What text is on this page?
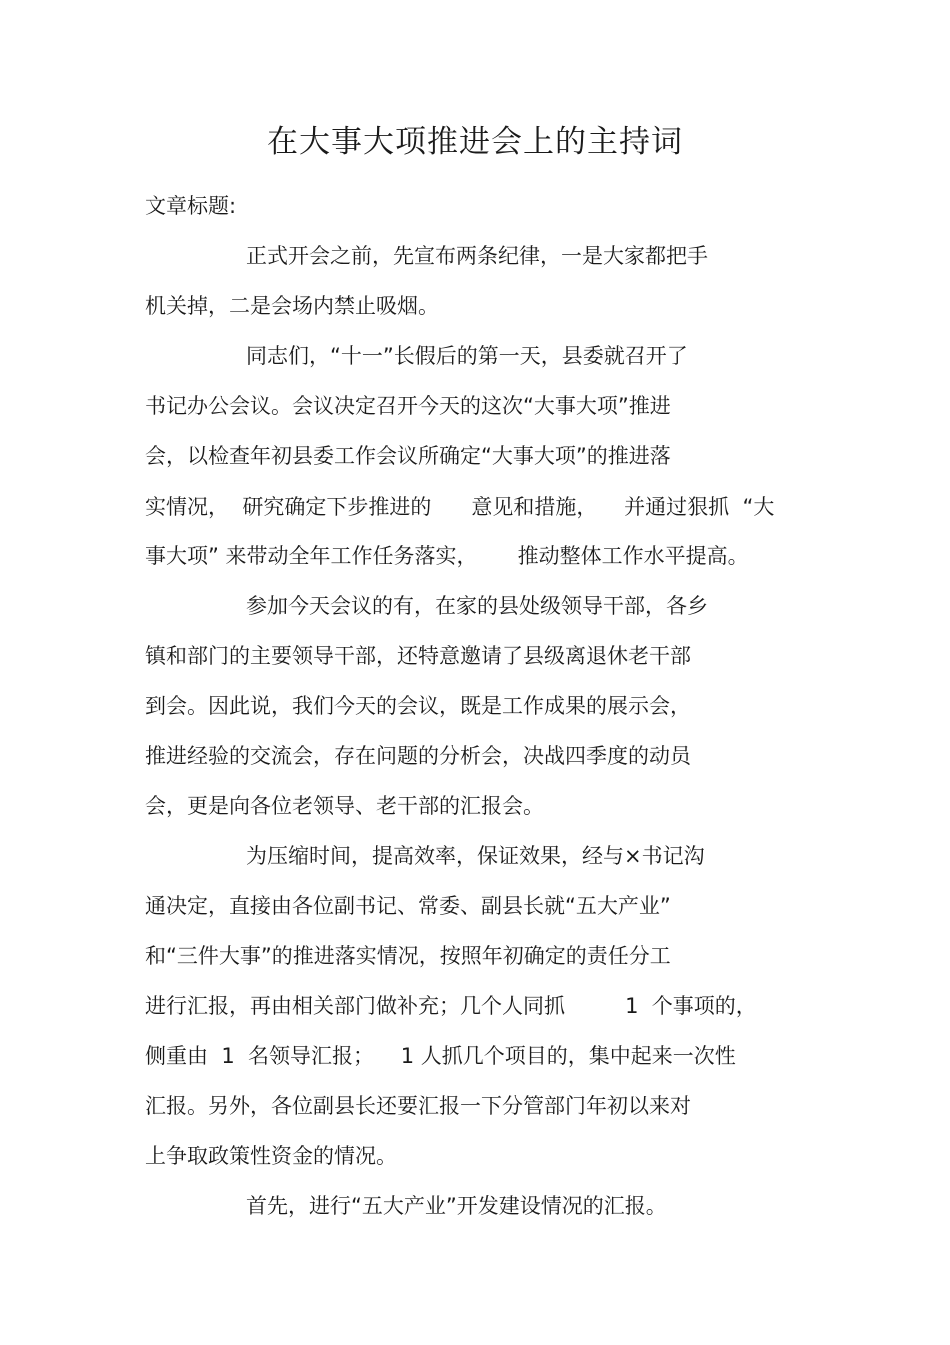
在大事大项推进会上的主持词
文章标题:
正式开会之前，先宣布两条纪律，一是大家都把手
机关掉，二是会场内禁止吸烟。
同志们，“十一”长假后的第一天，县委就召开了
书记办公会议。会议决定召开今天的这次“大事大项”推进
会，以检查年初县委工作会议所确定“大事大项”的推进落
实情况，  研究确定下步推进的      意见和措施，    并通过狠抓  “大
事大项” 来带动全年工作任务落实，      推动整体工作水平提高。
参加今天会议的有，在家的县处级领导干部，各乡
镇和部门的主要领导干部，还特意邀请了县级离退休老干部
到会。因此说，我们今天的会议，既是工作成果的展示会，
推进经验的交流会，存在问题的分析会，决战四季度的动员
会，更是向各位老领导、老干部的汇报会。
为压缩时间，提高效率，保证效果，经与×书记沟
通决定，直接由各位副书记、常委、副县长就“五大产业”
和“三件大事”的推进落实情况，按照年初确定的责任分工
进行汇报，再由相关部门做补充；几个人同抓         1  个事项的，
侧重由  1  名领导汇报；    1 人抓几个项目的，集中起来一次性
汇报。另外，各位副县长还要汇报一下分管部门年初以来对
上争取政策性资金的情况。
首先，进行“五大产业”开发建设情况的汇报。
